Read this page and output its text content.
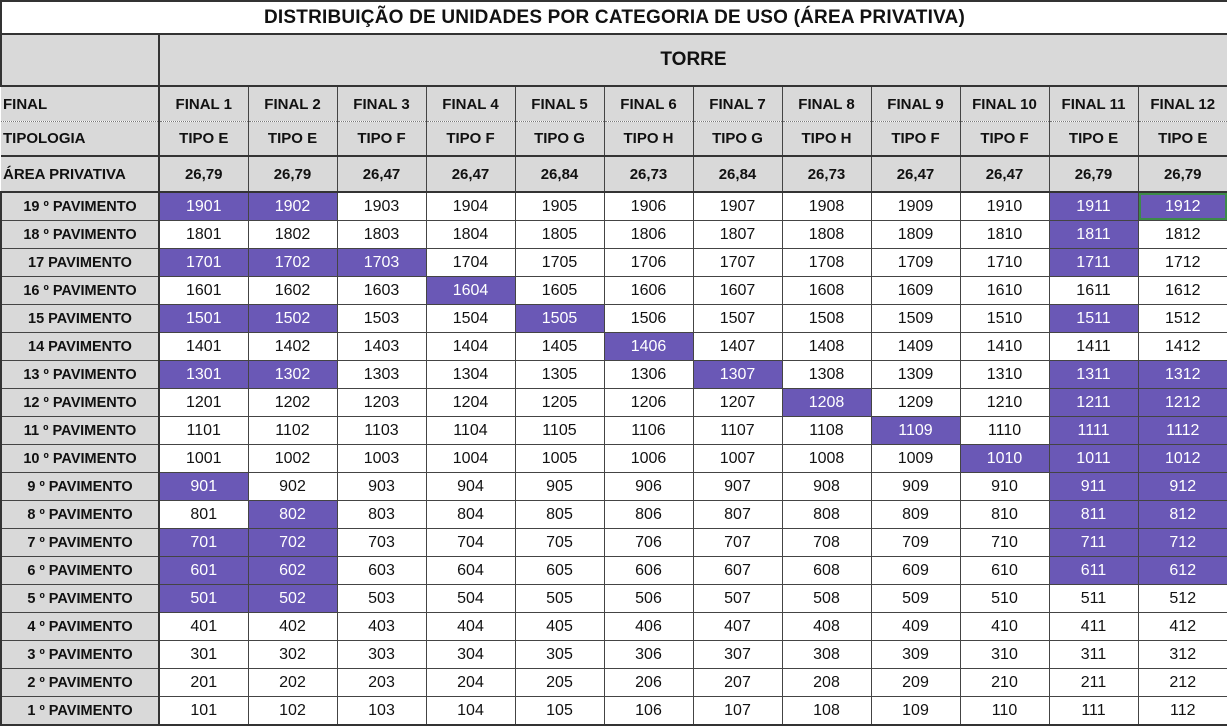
DISTRIBUIÇÃO DE UNIDADES POR CATEGORIA DE USO (ÁREA PRIVATIVA)												
	TORRE											
FINAL	FINAL 1	FINAL 2	FINAL 3	FINAL 4	FINAL 5	FINAL 6	FINAL 7	FINAL 8	FINAL 9	FINAL 10	FINAL 11	FINAL 12
TIPOLOGIA	TIPO E	TIPO E	TIPO F	TIPO F	TIPO G	TIPO H	TIPO G	TIPO H	TIPO F	TIPO F	TIPO E	TIPO E
ÁREA PRIVATIVA	26,79	26,79	26,47	26,47	26,84	26,73	26,84	26,73	26,47	26,47	26,79	26,79
19 º PAVIMENTO	1901	1902	1903	1904	1905	1906	1907	1908	1909	1910	1911	1912
18 º PAVIMENTO	1801	1802	1803	1804	1805	1806	1807	1808	1809	1810	1811	1812
17 PAVIMENTO	1701	1702	1703	1704	1705	1706	1707	1708	1709	1710	1711	1712
16 º PAVIMENTO	1601	1602	1603	1604	1605	1606	1607	1608	1609	1610	1611	1612
15 PAVIMENTO	1501	1502	1503	1504	1505	1506	1507	1508	1509	1510	1511	1512
14 PAVIMENTO	1401	1402	1403	1404	1405	1406	1407	1408	1409	1410	1411	1412
13 º PAVIMENTO	1301	1302	1303	1304	1305	1306	1307	1308	1309	1310	1311	1312
12 º PAVIMENTO	1201	1202	1203	1204	1205	1206	1207	1208	1209	1210	1211	1212
11 º PAVIMENTO	1101	1102	1103	1104	1105	1106	1107	1108	1109	1110	1111	1112
10 º PAVIMENTO	1001	1002	1003	1004	1005	1006	1007	1008	1009	1010	1011	1012
9 º PAVIMENTO	901	902	903	904	905	906	907	908	909	910	911	912
8 º PAVIMENTO	801	802	803	804	805	806	807	808	809	810	811	812
7 º PAVIMENTO	701	702	703	704	705	706	707	708	709	710	711	712
6 º PAVIMENTO	601	602	603	604	605	606	607	608	609	610	611	612
5 º PAVIMENTO	501	502	503	504	505	506	507	508	509	510	511	512
4 º PAVIMENTO	401	402	403	404	405	406	407	408	409	410	411	412
3 º PAVIMENTO	301	302	303	304	305	306	307	308	309	310	311	312
2 º PAVIMENTO	201	202	203	204	205	206	207	208	209	210	211	212
1 º PAVIMENTO	101	102	103	104	105	106	107	108	109	110	111	112
